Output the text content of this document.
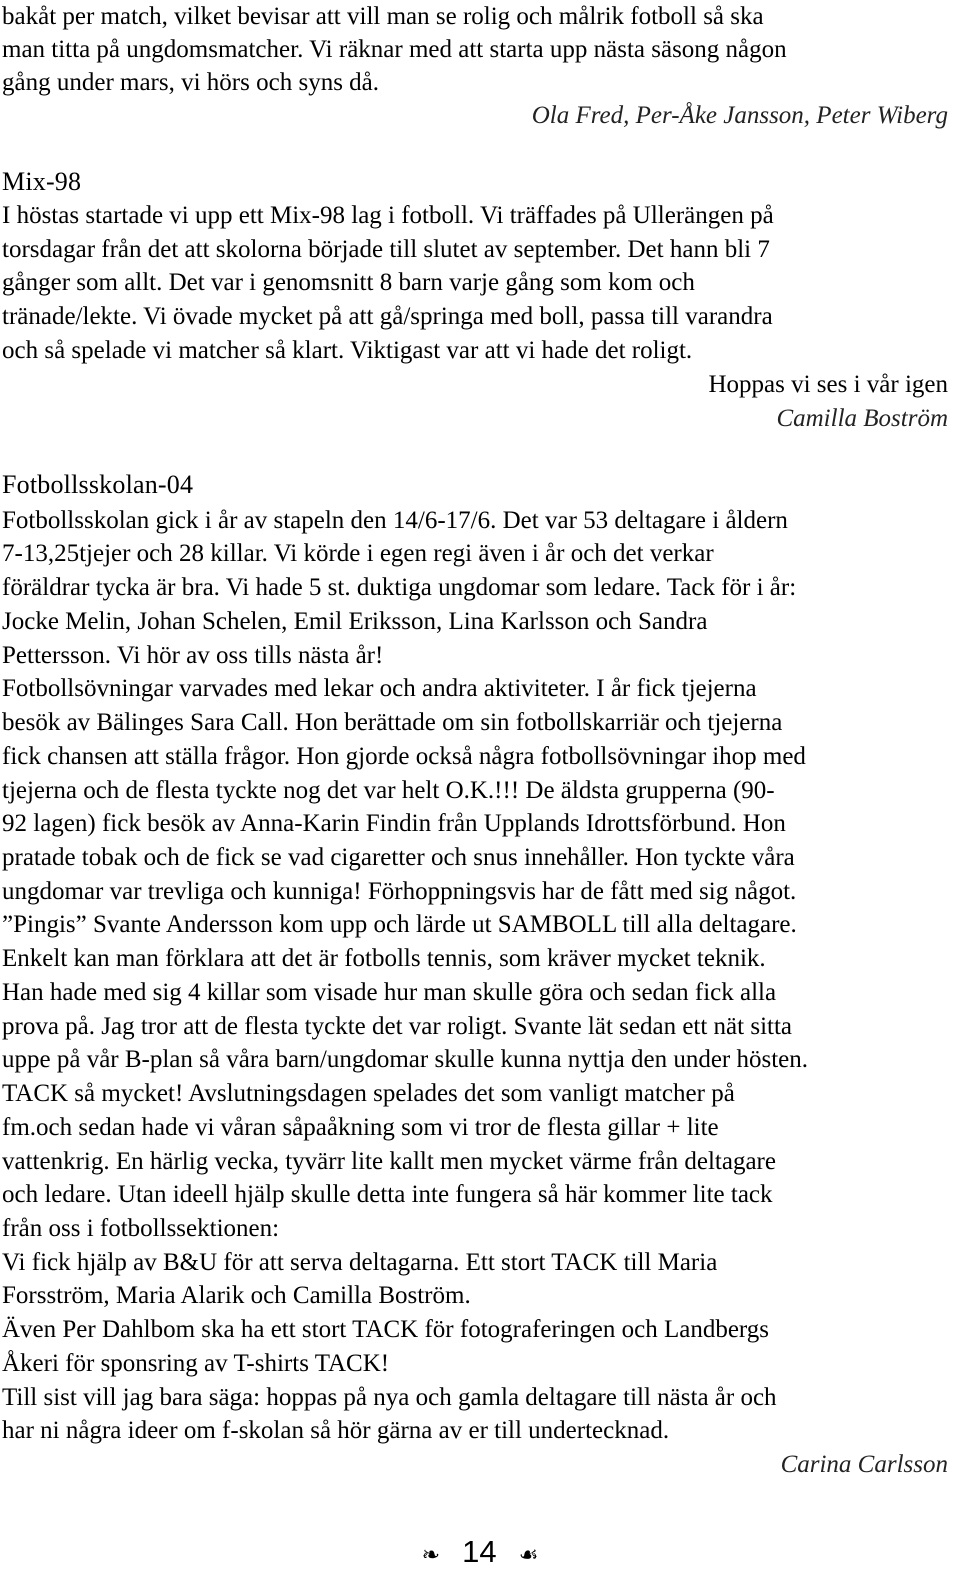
bakåt per match, vilket bevisar att vill man se rolig och målrik fotboll så ska
man titta på ungdomsmatcher. Vi räknar med att starta upp nästa säsong någon
gång under mars, vi hörs och syns då.
Ola Fred, Per-Åke Jansson, Peter Wiberg
Mix-98
I höstas startade vi upp ett Mix-98 lag i fotboll. Vi träffades på Ullerängen på
torsdagar från det att skolorna började till slutet av september. Det hann bli 7
gånger som allt. Det var i genomsnitt 8 barn varje gång som kom och
tränade/lekte. Vi övade mycket på att gå/springa med boll, passa till varandra
och så spelade vi matcher så klart. Viktigast var att vi hade det roligt.
Hoppas vi ses i vår igen
Camilla Boström
Fotbollsskolan-04
Fotbollsskolan gick i år av stapeln den 14/6-17/6. Det var 53 deltagare i åldern
7-13,25tjejer och 28 killar. Vi körde i egen regi även i år och det verkar
föräldrar tycka är bra. Vi hade 5 st. duktiga ungdomar som ledare. Tack för i år:
Jocke Melin, Johan Schelen, Emil Eriksson, Lina Karlsson och Sandra
Pettersson. Vi hör av oss tills nästa år!
Fotbollsövningar varvades med lekar och andra aktiviteter. I år fick tjejerna
besök av Bälinges Sara Call. Hon berättade om sin fotbollskarriär och tjejerna
fick chansen att ställa frågor. Hon gjorde också några fotbollsövningar ihop med
tjejerna och de flesta tyckte nog det var helt O.K.!!! De äldsta grupperna (90-
92 lagen) fick besök av Anna-Karin Findin från Upplands Idrottsförbund. Hon
pratade tobak och de fick se vad cigaretter och snus innehåller. Hon tyckte våra
ungdomar var trevliga och kunniga! Förhoppningsvis har de fått med sig något.
”Pingis” Svante Andersson kom upp och lärde ut SAMBOLL till alla deltagare.
Enkelt kan man förklara att det är fotbolls tennis, som kräver mycket teknik.
Han hade med sig 4 killar som visade hur man skulle göra och sedan fick alla
prova på. Jag tror att de flesta tyckte det var roligt. Svante lät sedan ett nät sitta
uppe på vår B-plan så våra barn/ungdomar skulle kunna nyttja den under hösten.
TACK så mycket! Avslutningsdagen spelades det som vanligt matcher på
fm.och sedan hade vi våran såpaåkning som vi tror de flesta gillar + lite
vattenkrig. En härlig vecka, tyvärr lite kallt men mycket värme från deltagare
och ledare. Utan ideell hjälp skulle detta inte fungera så här kommer lite tack
från oss i fotbollssektionen:
Vi fick hjälp av B&U för att serva deltagarna. Ett stort TACK till Maria
Forsström, Maria Alarik och Camilla Boström.
Även Per Dahlbom ska ha ett stort TACK för fotograferingen och Landbergs
Åkeri för sponsring av T-shirts TACK!
Till sist vill jag bara säga: hoppas på nya och gamla deltagare till nästa år och
har ni några ideer om f-skolan så hör gärna av er till undertecknad.
Carina Carlsson
❧ 14 ☙
